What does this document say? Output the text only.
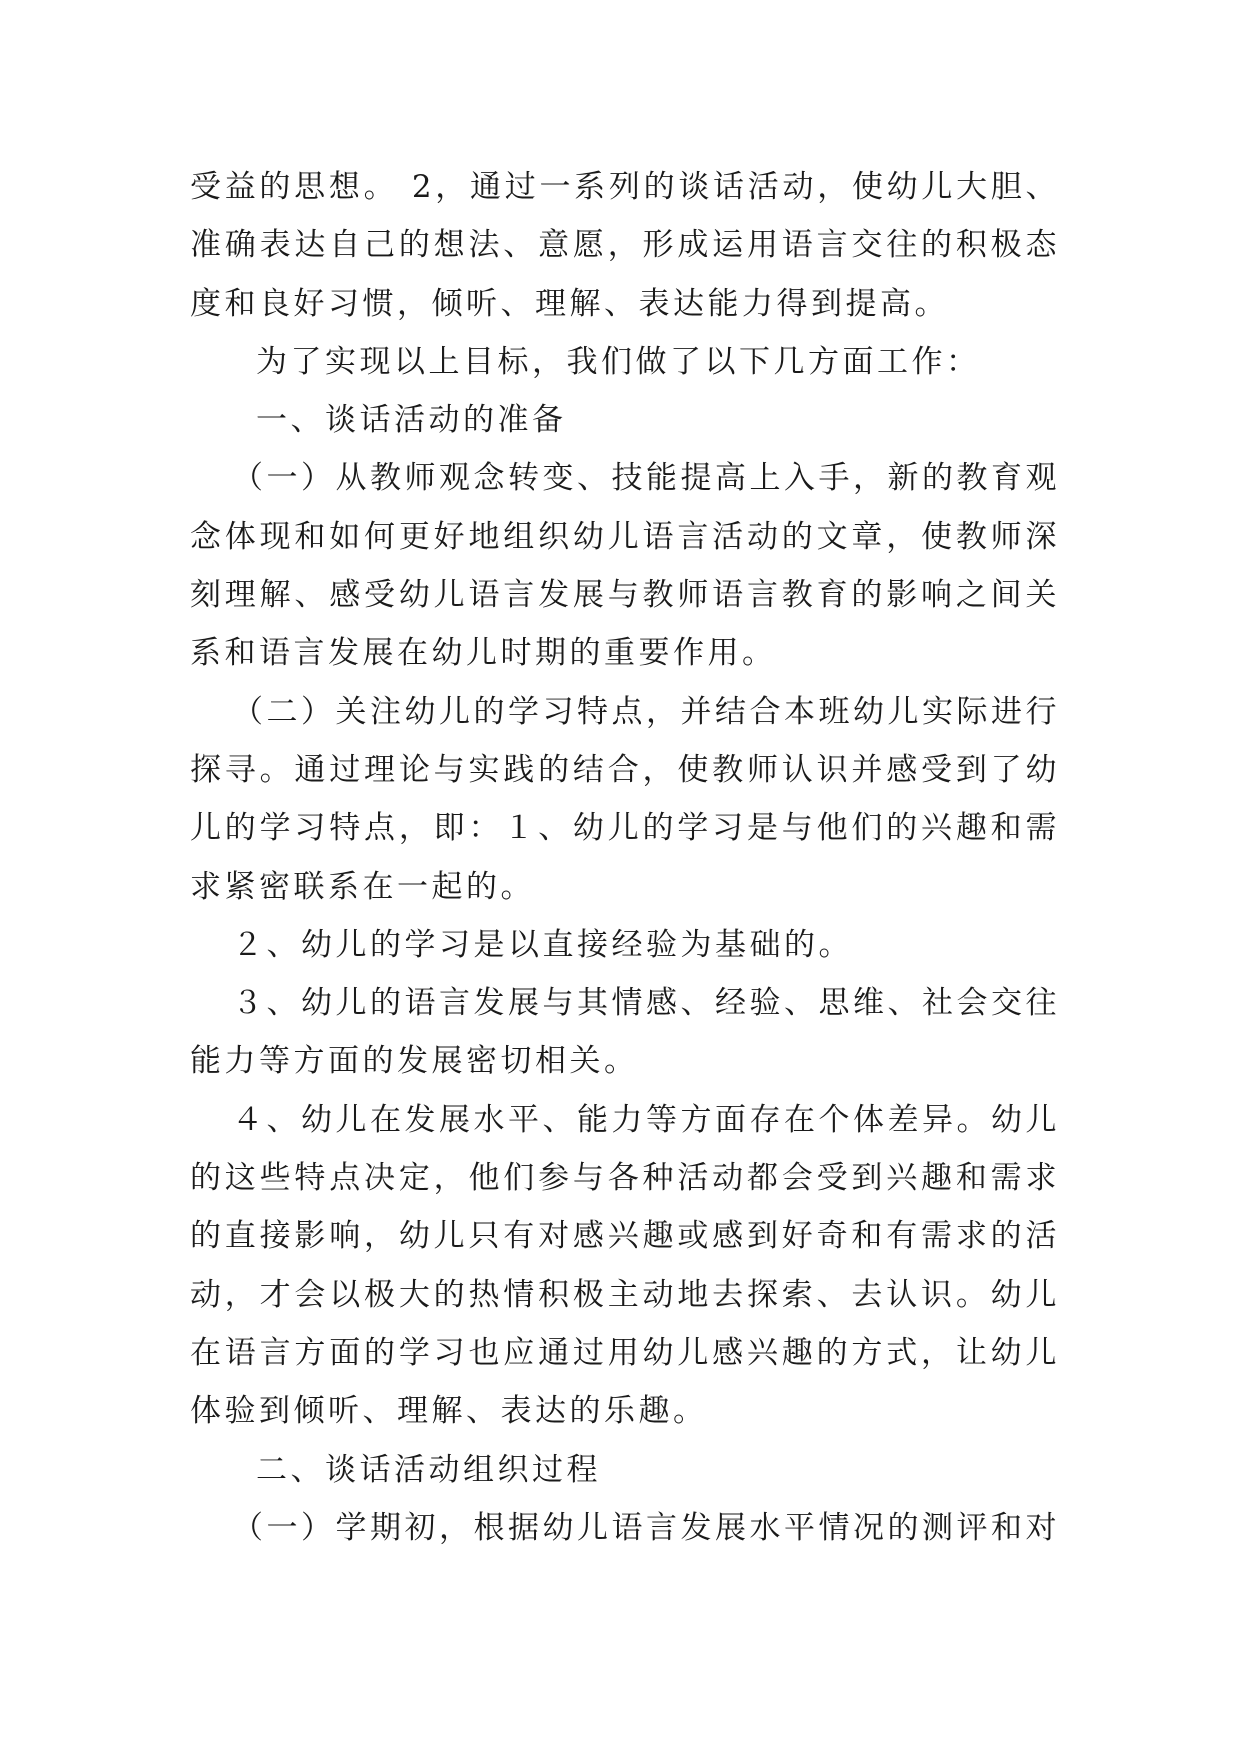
受益的思想。 2，通过一系列的谈话活动，使幼儿大胆、准确表达自己的想法、意愿，形成运用语言交往的积极态度和良好习惯，倾听、理解、表达能力得到提高。

为了实现以上目标，我们做了以下几方面工作：

一、谈话活动的准备

（一）从教师观念转变、技能提高上入手，新的教育观念体现和如何更好地组织幼儿语言活动的文章，使教师深刻理解、感受幼儿语言发展与教师语言教育的影响之间关系和语言发展在幼儿时期的重要作用。

（二）关注幼儿的学习特点，并结合本班幼儿实际进行探寻。通过理论与实践的结合，使教师认识并感受到了幼儿的学习特点，即：１、幼儿的学习是与他们的兴趣和需求紧密联系在一起的。

２、幼儿的学习是以直接经验为基础的。

３、幼儿的语言发展与其情感、经验、思维、社会交往能力等方面的发展密切相关。

４、幼儿在发展水平、能力等方面存在个体差异。幼儿的这些特点决定，他们参与各种活动都会受到兴趣和需求的直接影响，幼儿只有对感兴趣或感到好奇和有需求的活动，才会以极大的热情积极主动地去探索、去认识。幼儿在语言方面的学习也应通过用幼儿感兴趣的方式，让幼儿体验到倾听、理解、表达的乐趣。

二、谈话活动组织过程

（一）学期初，根据幼儿语言发展水平情况的测评和对
